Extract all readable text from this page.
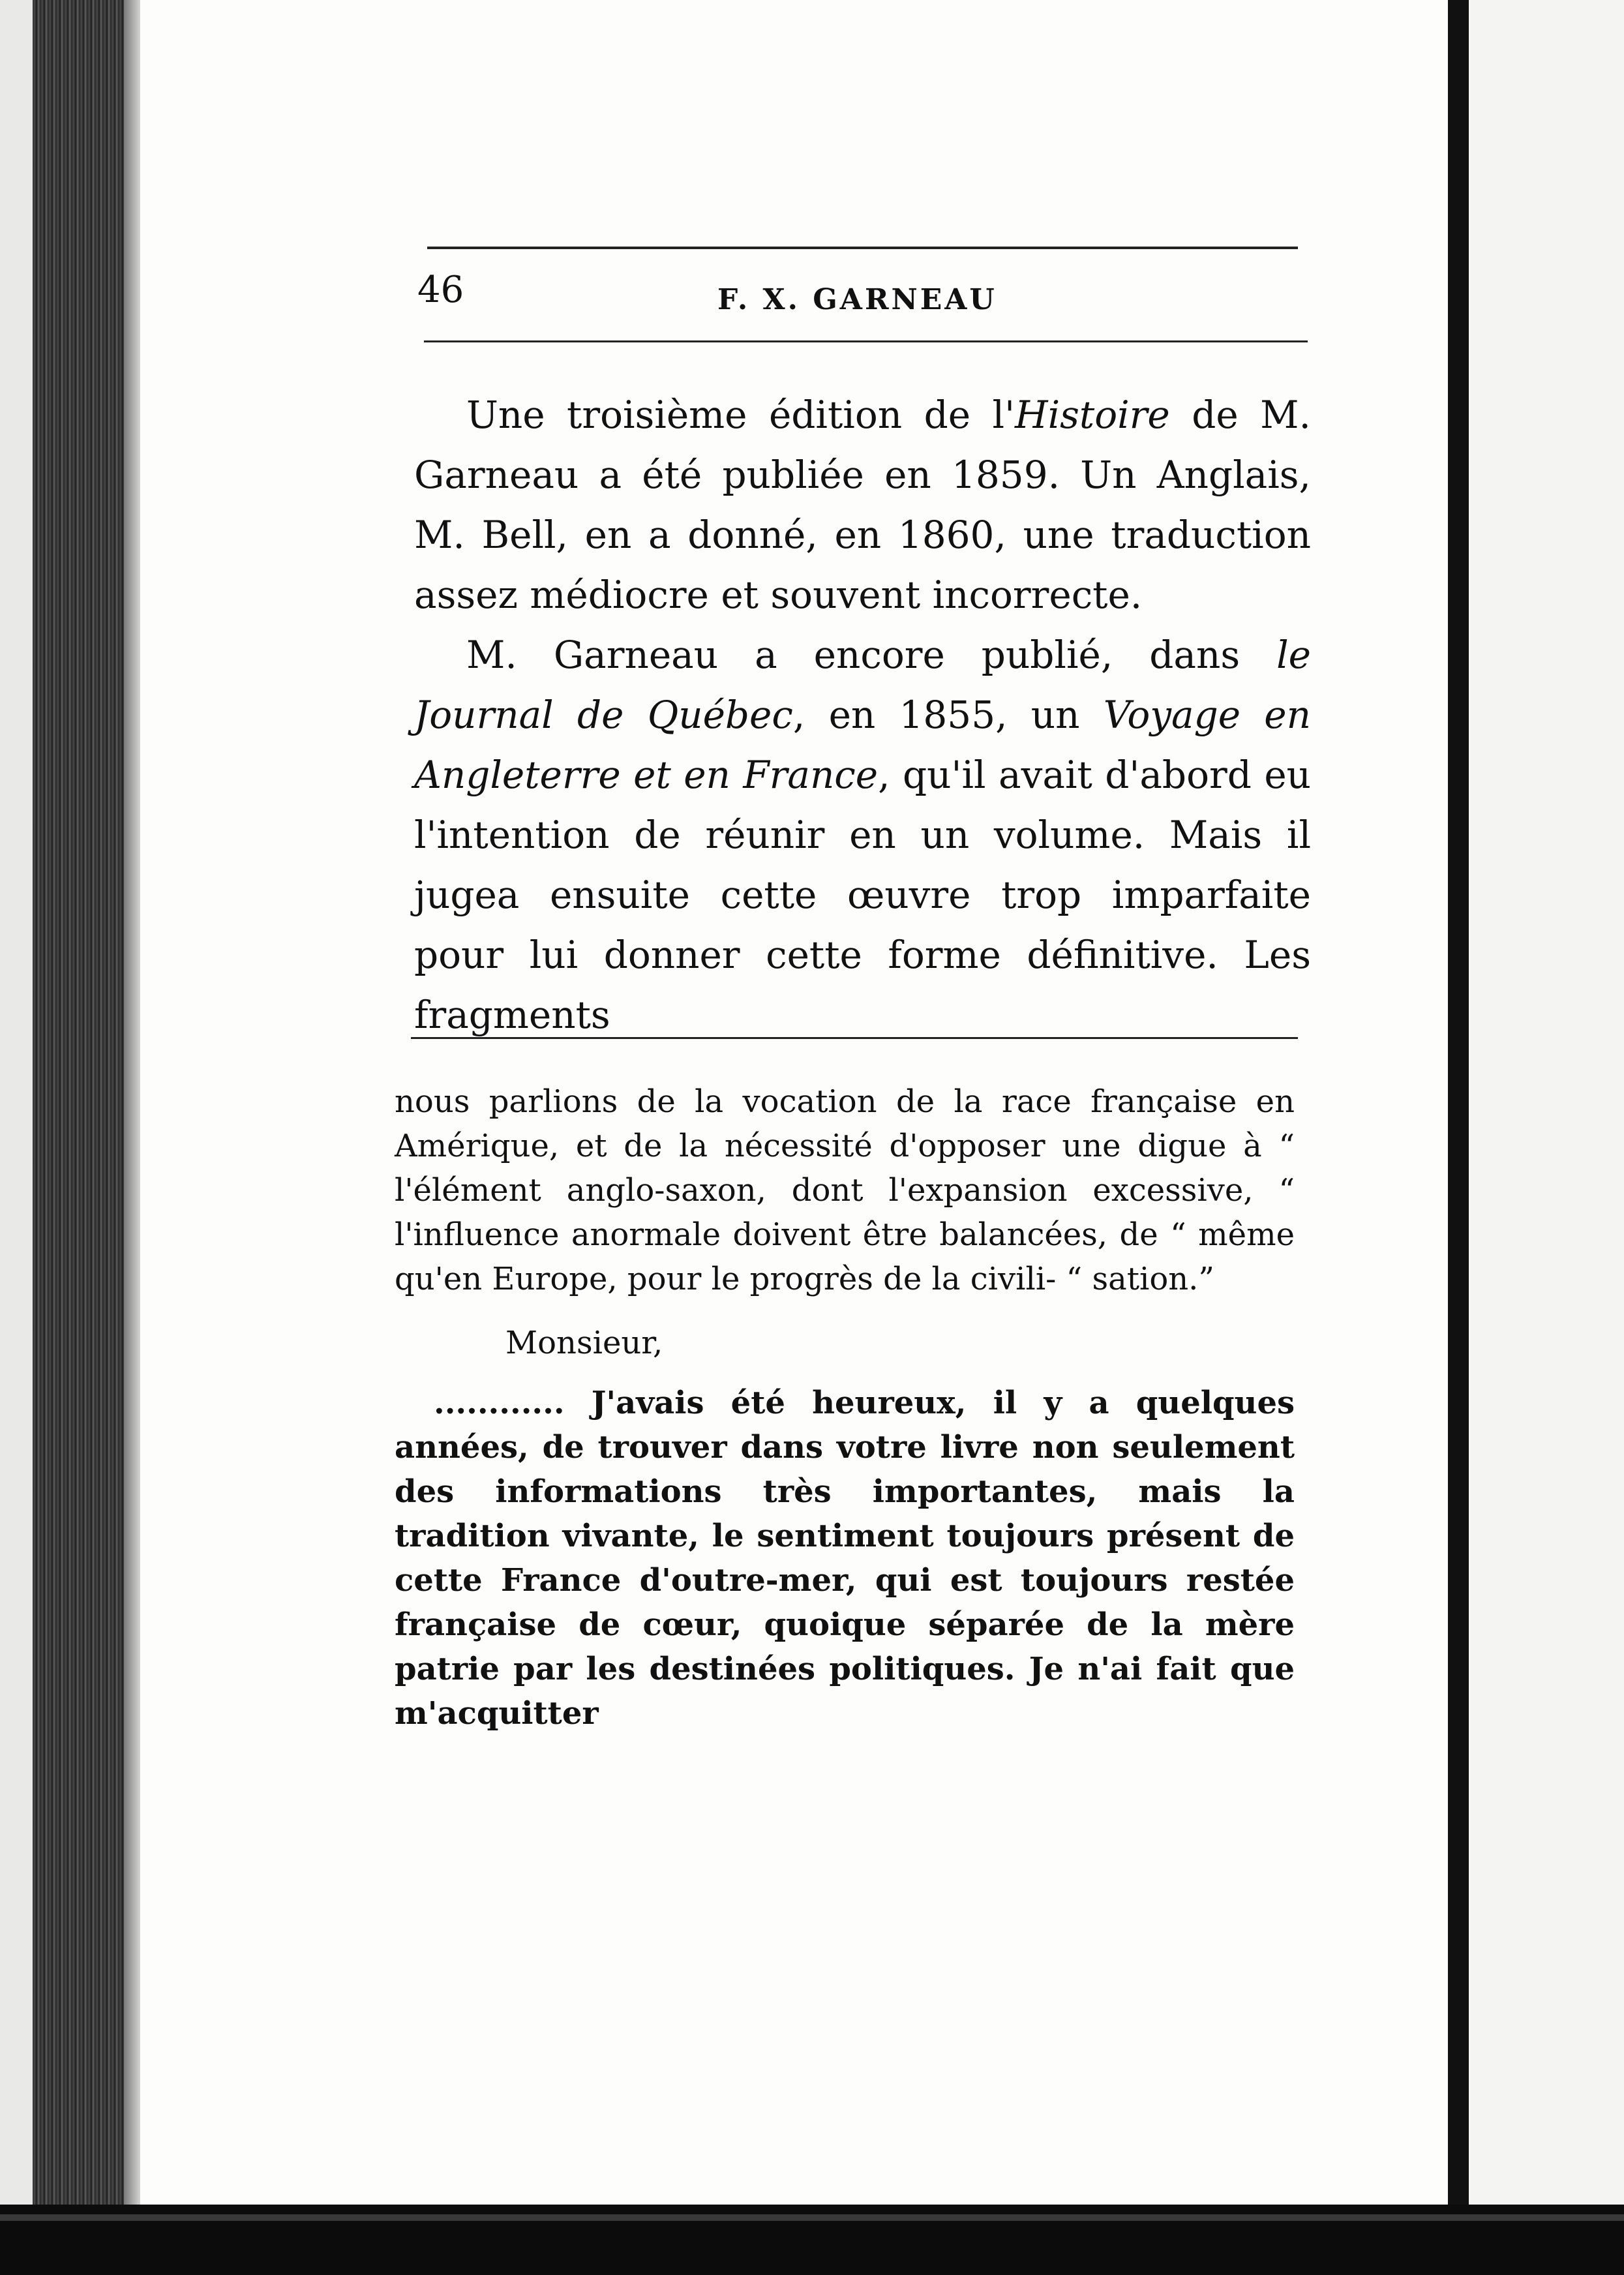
46	F. X. GARNEAU

Une troisième édition de l'Histoire de M. Garneau a été publiée en 1859. Un Anglais, M. Bell, en a donné, en 1860, une traduction assez médiocre et souvent incorrecte.

M. Garneau a encore publié, dans le Journal de Québec, en 1855, un Voyage en Angleterre et en France, qu'il avait d'abord eu l'intention de réunir en un volume. Mais il jugea ensuite cette œuvre trop imparfaite pour lui donner cette forme définitive. Les fragments

nous parlions de la vocation de la race française en Amérique, et de la nécessité d'opposer une digue à “ l'élément anglo-saxon, dont l'expansion excessive, “ l'influence anormale doivent être balancées, de “ même qu'en Europe, pour le progrès de la civili- “ sation.”

Monsieur,

............ J'avais été heureux, il y a quelques années, de trouver dans votre livre non seulement des informations très importantes, mais la tradition vivante, le sentiment toujours présent de cette France d'outre-mer, qui est toujours restée française de cœur, quoique séparée de la mère patrie par les destinées politiques. Je n'ai fait que m'acquitter
